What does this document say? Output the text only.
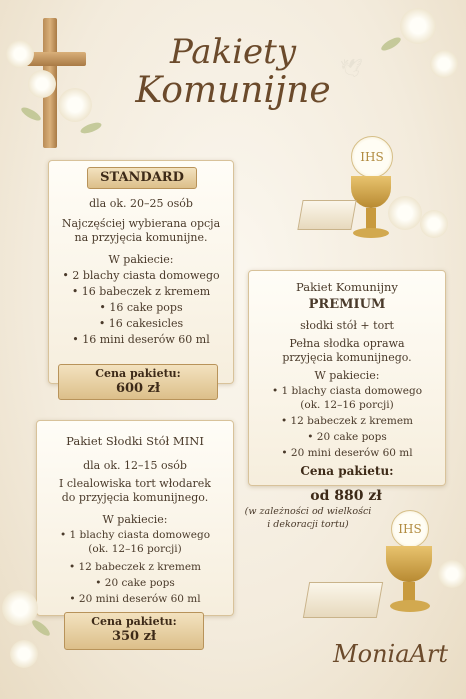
🕊
Pakiety
Komunijne
IHS
STANDARD
dla ok. 20–25 osób
Najczęściej wybierana opcja
na przyjęcia komunijne.
W pakiecie:
• 2 blachy ciasta domowego
• 16 babeczek z kremem
• 16 cake pops
• 16 cakesicles
• 16 mini deserów 60 ml
Cena pakietu:
600 zł
Pakiet Komunijny
PREMIUM
słodki stół + tort
Pełna słodka oprawa
przyjęcia komunijnego.
W pakiecie:
• 1 blachy ciasta domowego
(ok. 12–16 porcji)
• 12 babeczek z kremem
• 20 cake pops
• 20 mini deserów 60 ml
Cena pakietu:
od 880 zł
(w zależności od wielkości
i dekoracji tortu)	IHS
Pakiet Słodki Stół MINI
dla ok. 12–15 osób
I clealowiska tort włodarek
do przyjęcia komunijnego.
W pakiecie:
• 1 blachy ciasta domowego
(ok. 12–16 porcji)
• 12 babeczek z kremem
• 20 cake pops
• 20 mini deserów 60 ml
Cena pakietu:
350 zł
MoniaArt
